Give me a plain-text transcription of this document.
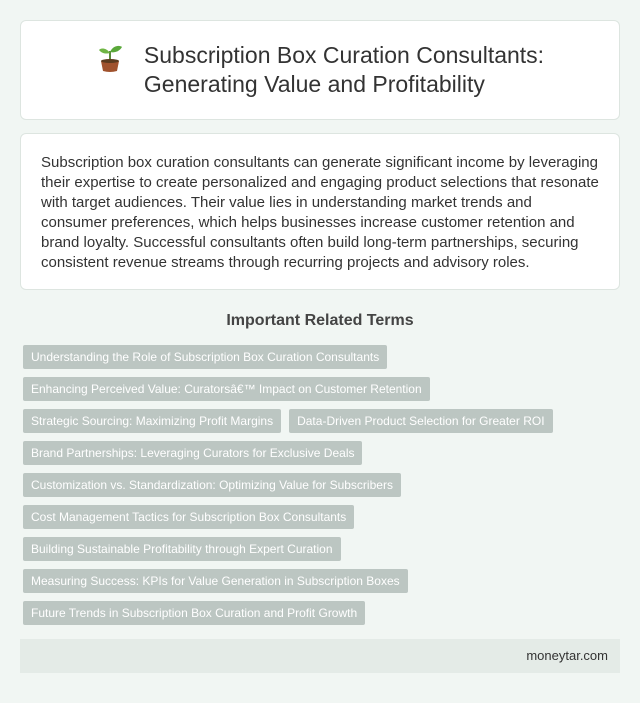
Subscription Box Curation Consultants:
Generating Value and Profitability

Subscription box curation consultants can generate significant income by leveraging their expertise to create personalized and engaging product selections that resonate with target audiences. Their value lies in understanding market trends and consumer preferences, which helps businesses increase customer retention and brand loyalty. Successful consultants often build long-term partnerships, securing consistent revenue streams through recurring projects and advisory roles.

Important Related Terms
Understanding the Role of Subscription Box Curation Consultants
Enhancing Perceived Value: Curatorsâ€™ Impact on Customer Retention
Strategic Sourcing: Maximizing Profit Margins	Data-Driven Product Selection for Greater ROI
Brand Partnerships: Leveraging Curators for Exclusive Deals
Customization vs. Standardization: Optimizing Value for Subscribers
Cost Management Tactics for Subscription Box Consultants
Building Sustainable Profitability through Expert Curation
Measuring Success: KPIs for Value Generation in Subscription Boxes
Future Trends in Subscription Box Curation and Profit Growth
moneytar.com
